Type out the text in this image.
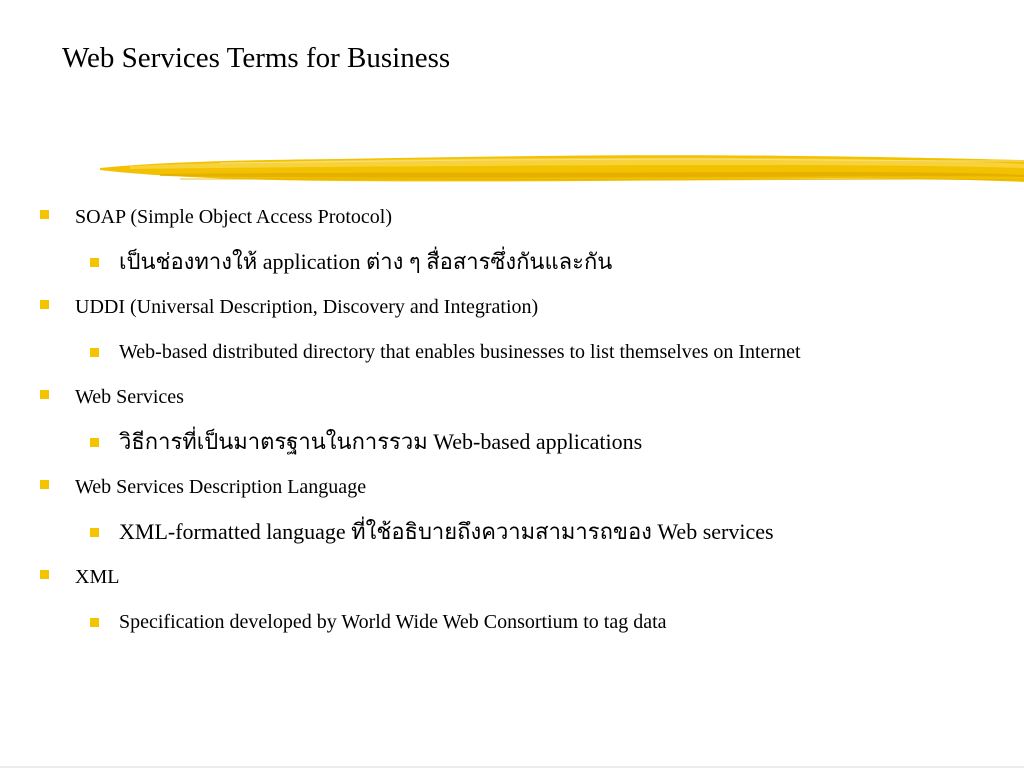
Web Services Terms for Business
SOAP (Simple Object Access Protocol)
เป็นช่องทางให้ application ต่าง ๆ สื่อสารซึ่งกันและกัน
UDDI (Universal Description, Discovery and Integration)
Web-based distributed directory that enables businesses to list themselves on Internet
Web Services
วิธีการที่เป็นมาตรฐานในการรวม Web-based applications
Web Services Description Language
XML-formatted language ที่ใช้อธิบายถึงความสามารถของ Web services
XML
Specification developed by World Wide Web Consortium to tag data
